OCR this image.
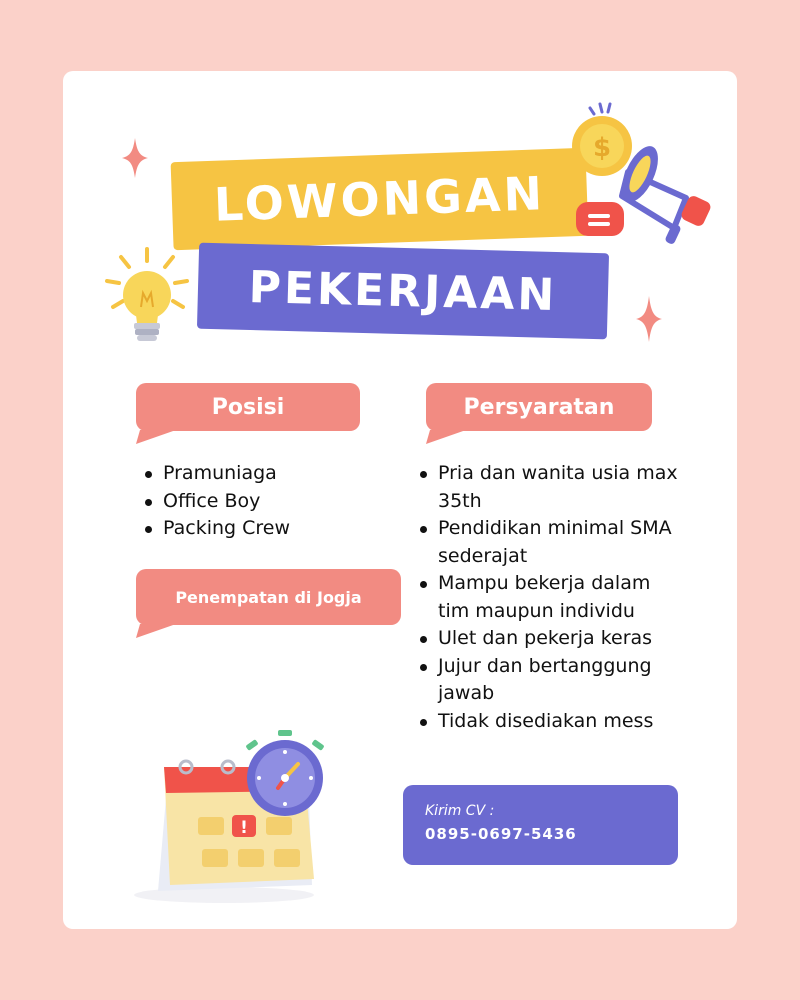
LOWONGAN
PEKERJAAN
$
Posisi
Pramuniaga
Office Boy
Packing Crew
Penempatan di Jogja
Persyaratan
Pria dan wanita usia max 35th
Pendidikan minimal SMA sederajat
Mampu bekerja dalam tim maupun individu
Ulet dan pekerja keras
Jujur dan bertanggung jawab
Tidak disediakan mess
!
Kirim CV :
0895-0697-5436
